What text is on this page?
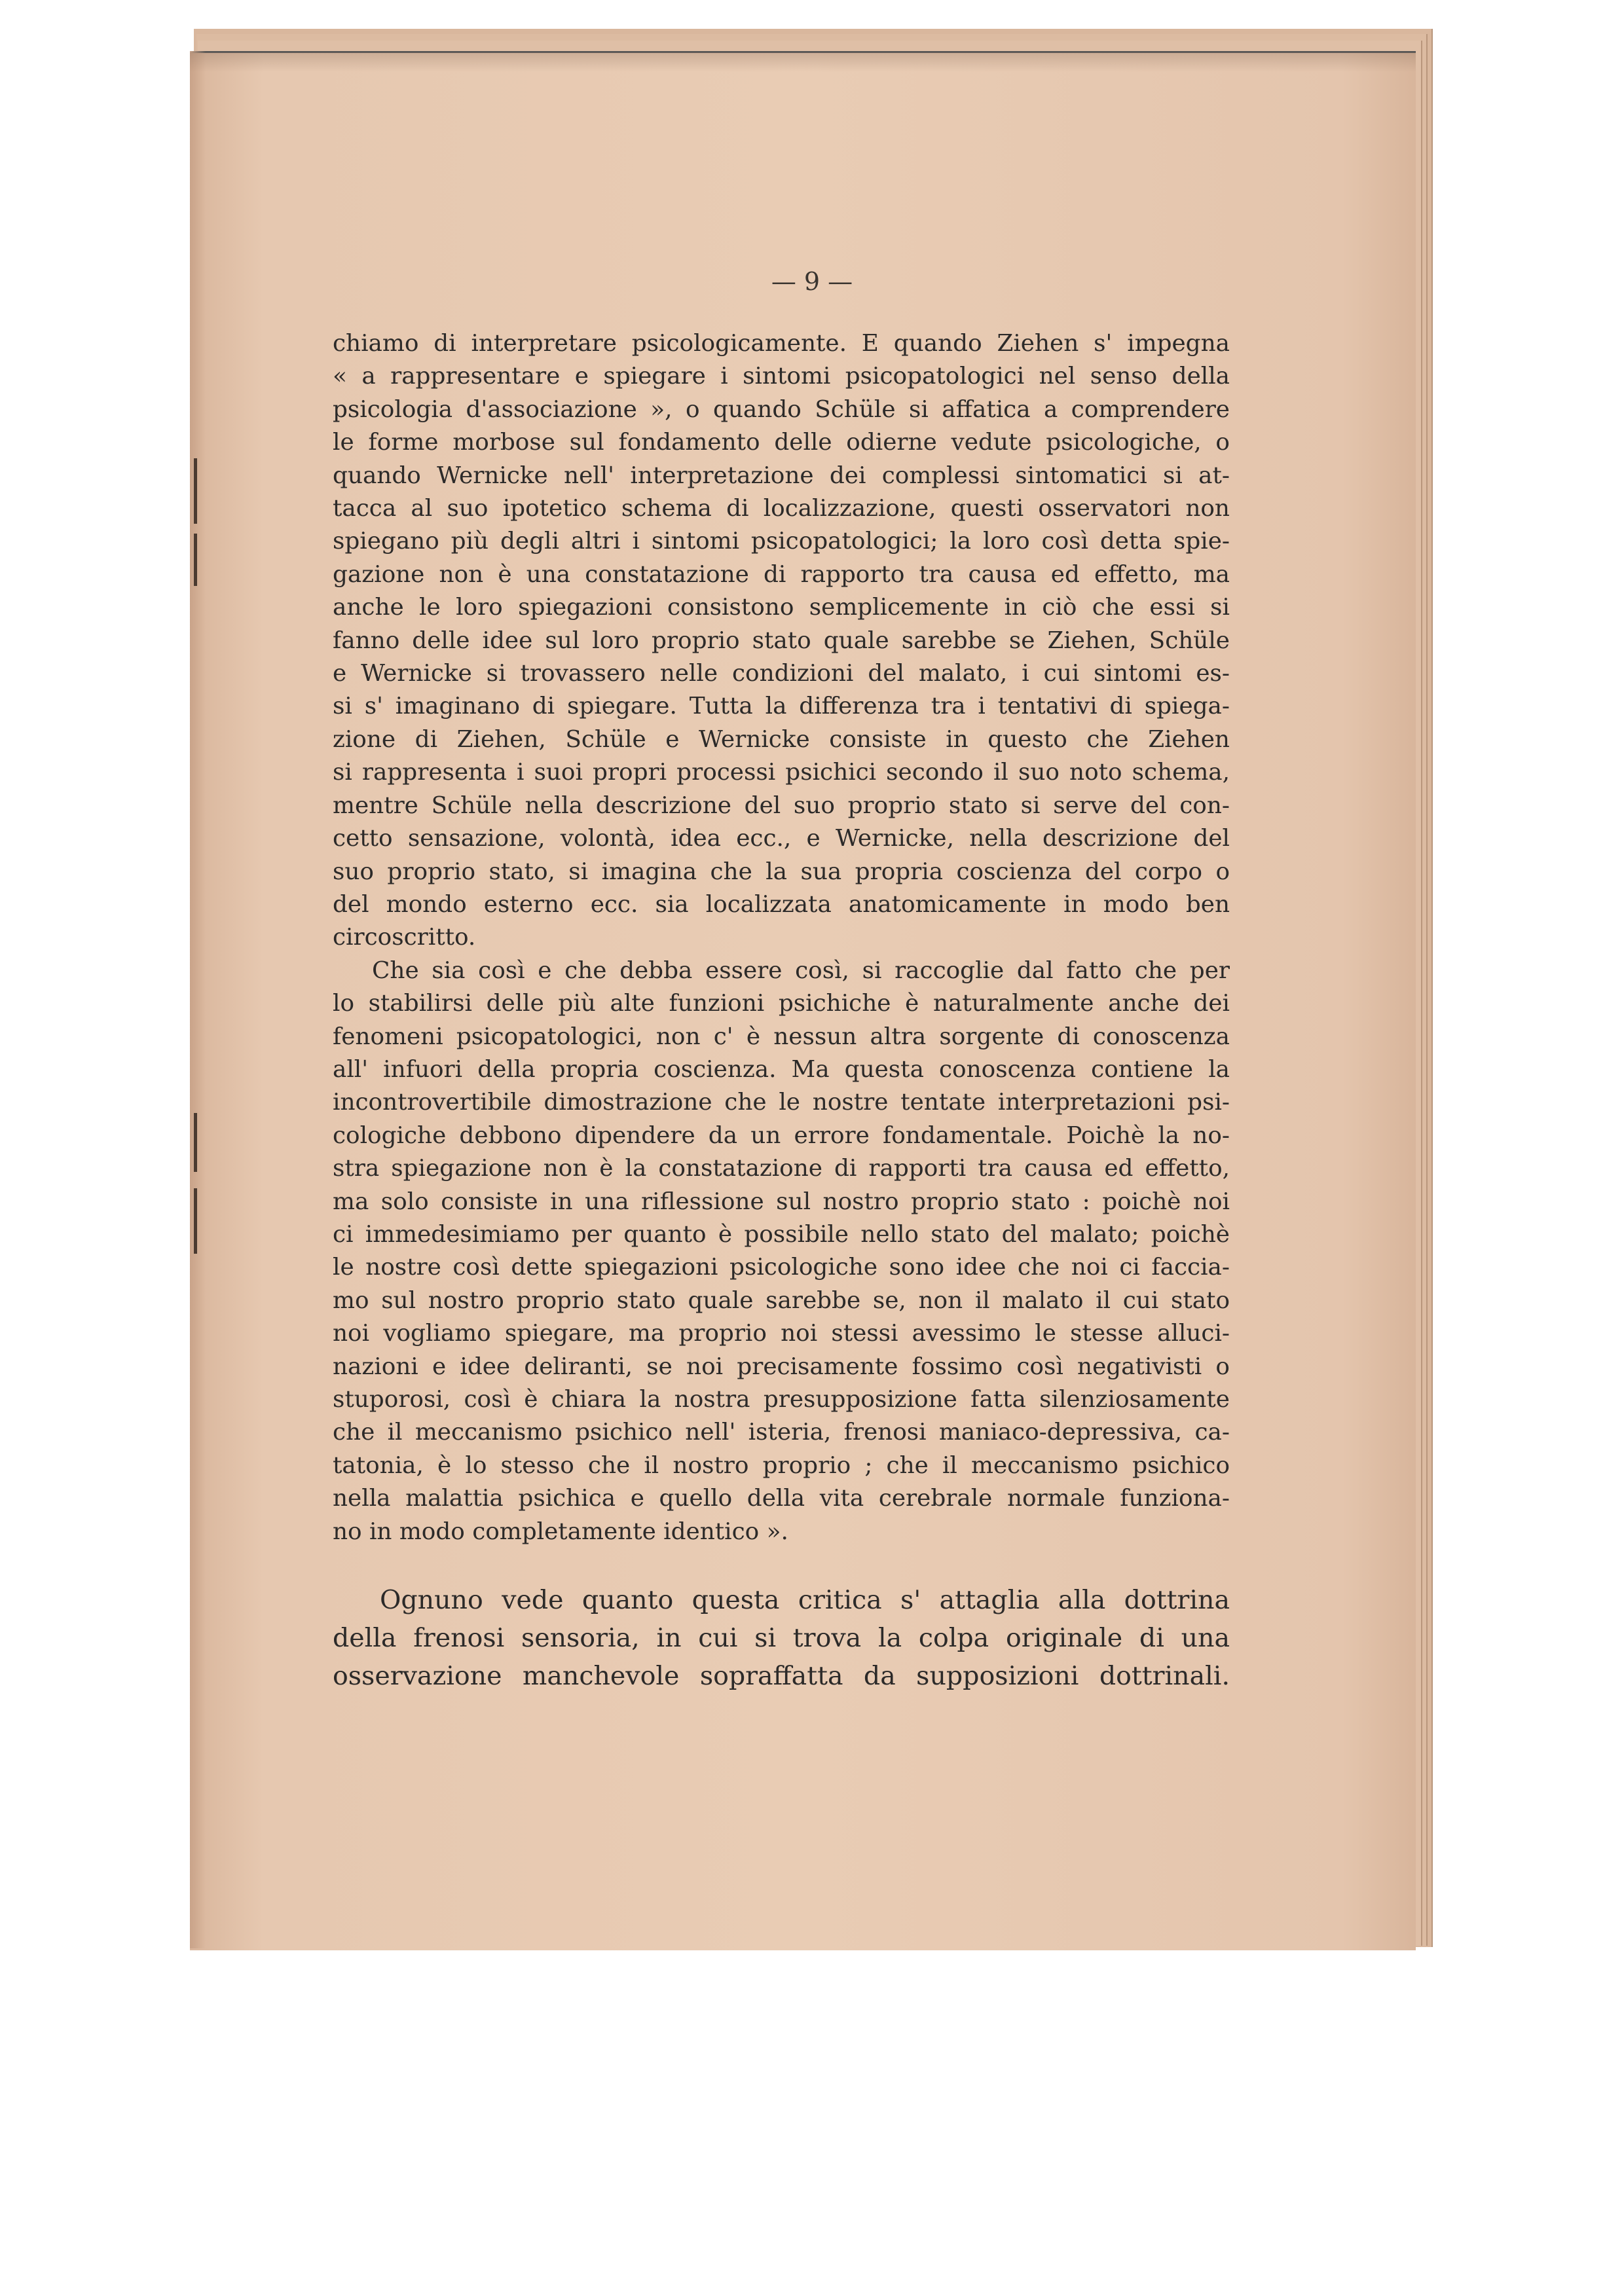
— 9 —
chiamo di interpretare psicologicamente. E quando Ziehen s' impegna
« a rappresentare e spiegare i sintomi psicopatologici nel senso della
psicologia d'associazione », o quando Schüle si affatica a comprendere
le forme morbose sul fondamento delle odierne vedute psicologiche, o
quando Wernicke nell' interpretazione dei complessi sintomatici si at-
tacca al suo ipotetico schema di localizzazione, questi osservatori non
spiegano più degli altri i sintomi psicopatologici; la loro così detta spie-
gazione non è una constatazione di rapporto tra causa ed effetto, ma
anche le loro spiegazioni consistono semplicemente in ciò che essi si
fanno delle idee sul loro proprio stato quale sarebbe se Ziehen, Schüle
e Wernicke si trovassero nelle condizioni del malato, i cui sintomi es-
si s' imaginano di spiegare. Tutta la differenza tra i tentativi di spiega-
zione di Ziehen, Schüle e Wernicke consiste in questo che Ziehen
si rappresenta i suoi propri processi psichici secondo il suo noto schema,
mentre Schüle nella descrizione del suo proprio stato si serve del con-
cetto sensazione, volontà, idea ecc., e Wernicke, nella descrizione del
suo proprio stato, si imagina che la sua propria coscienza del corpo o
del mondo esterno ecc. sia localizzata anatomicamente in modo ben
circoscritto.
Che sia così e che debba essere così, si raccoglie dal fatto che per
lo stabilirsi delle più alte funzioni psichiche è naturalmente anche dei
fenomeni psicopatologici, non c' è nessun altra sorgente di conoscenza
all' infuori della propria coscienza. Ma questa conoscenza contiene la
incontrovertibile dimostrazione che le nostre tentate interpretazioni psi-
cologiche debbono dipendere da un errore fondamentale. Poichè la no-
stra spiegazione non è la constatazione di rapporti tra causa ed effetto,
ma solo consiste in una riflessione sul nostro proprio stato : poichè noi
ci immedesimiamo per quanto è possibile nello stato del malato; poichè
le nostre così dette spiegazioni psicologiche sono idee che noi ci faccia-
mo sul nostro proprio stato quale sarebbe se, non il malato il cui stato
noi vogliamo spiegare, ma proprio noi stessi avessimo le stesse alluci-
nazioni e idee deliranti, se noi precisamente fossimo così negativisti o
stuporosi, così è chiara la nostra presupposizione fatta silenziosamente
che il meccanismo psichico nell' isteria, frenosi maniaco-depressiva, ca-
tatonia, è lo stesso che il nostro proprio ; che il meccanismo psichico
nella malattia psichica e quello della vita cerebrale normale funziona-
no in modo completamente identico ».
Ognuno vede quanto questa critica s' attaglia alla dottrina
della frenosi sensoria, in cui si trova la colpa originale di una
osservazione manchevole sopraffatta da supposizioni dottrinali.
